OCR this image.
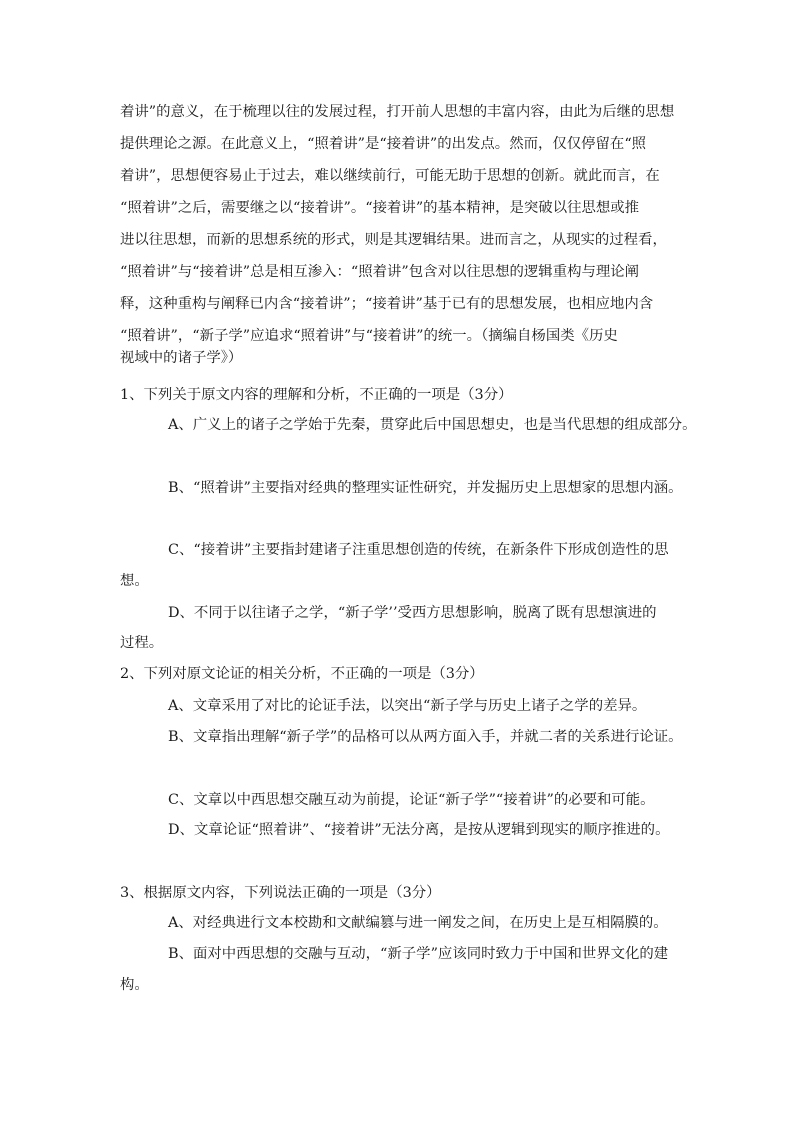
着讲”的意义，在于梳理以往的发展过程，打开前人思想的丰富内容，由此为后继的思想
提供理论之源。在此意义上，“照着讲”是“接着讲”的出发点。然而，仅仅停留在“照
着讲”，思想便容易止于过去，难以继续前行，可能无助于思想的创新。就此而言，在
“照着讲”之后，需要继之以“接着讲”。“接着讲”的基本精神，是突破以往思想或推
进以往思想，而新的思想系统的形式，则是其逻辑结果。进而言之，从现实的过程看，
“照着讲”与“接着讲”总是相互渗入：“照着讲”包含对以往思想的逻辑重构与理论阐
释，这种重构与阐释已内含“接着讲”；“接着讲”基于已有的思想发展，也相应地内含
“照着讲”，“新子学”应追求“照着讲”与“接着讲”的统一。（摘编自杨国类《历史
视域中的诸子学》）
1、下列关于原文内容的理解和分析，不正确的一项是（3分）
A、广义上的诸子之学始于先秦，贯穿此后中国思想史，也是当代思想的组成部分。
B、“照着讲”主要指对经典的整理实证性研究，并发掘历史上思想家的思想内涵。
C、“接着讲”主要指封建诸子注重思想创造的传统，在新条件下形成创造性的思
想。
D、不同于以往诸子之学，“新子学’’受西方思想影响，脱离了既有思想演进的
过程。
2、下列对原文论证的相关分析，不正确的一项是（3分）
A、文章采用了对比的论证手法，以突出“新子学与历史上诸子之学的差异。
B、文章指出理解“新子学”的品格可以从两方面入手，并就二者的关系进行论证。
C、文章以中西思想交融互动为前提，论证“新子学”“接着讲”的必要和可能。
D、文章论证“照着讲”、“接着讲”无法分离，是按从逻辑到现实的顺序推进的。
3、根据原文内容，下列说法正确的一项是（3分）
A、对经典进行文本校勘和文献编篡与进一阐发之间，在历史上是互相隔膜的。
B、面对中西思想的交融与互动，“新子学”应该同时致力于中国和世界文化的建
构。
